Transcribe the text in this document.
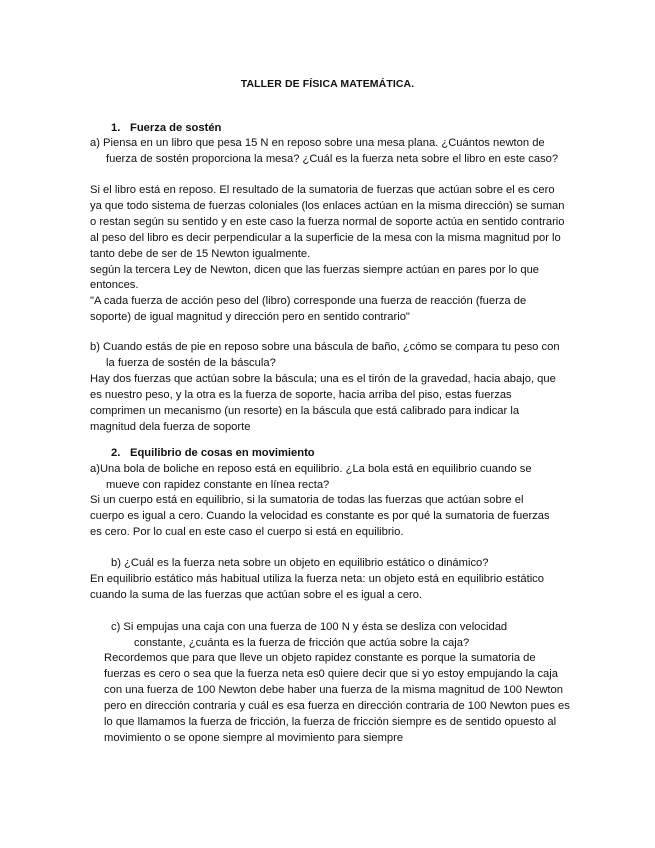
TALLER DE FÍSICA MATEMÁTICA.
1. Fuerza de sostén

a) Piensa en un libro que pesa 15 N en reposo sobre una mesa plana. ¿Cuántos newton de fuerza de sostén proporciona la mesa? ¿Cuál es la fuerza neta sobre el libro en este caso?

Si el libro está en reposo. El resultado de la sumatoria de fuerzas que actúan sobre el es cero ya que todo sistema de fuerzas coloniales (los enlaces actúan en la misma dirección) se suman o restan según su sentido y en este caso la fuerza normal de soporte actúa en sentido contrario al peso del libro es decir perpendicular a la superficie de la mesa con la misma magnitud por lo tanto debe de ser de 15 Newton igualmente.

según la tercera Ley de Newton, dicen que las fuerzas siempre actúan en pares por lo que entonces.

"A cada fuerza de acción peso del (libro) corresponde una fuerza de reacción (fuerza de soporte) de igual magnitud y dirección pero en sentido contrario"

b) Cuando estás de pie en reposo sobre una báscula de baño, ¿cómo se compara tu peso con la fuerza de sostén de la báscula?

Hay dos fuerzas que actúan sobre la báscula; una es el tirón de la gravedad, hacia abajo, que es nuestro peso, y la otra es la fuerza de soporte, hacia arriba del piso, estas fuerzas comprimen un mecanismo (un resorte) en la báscula que está calibrado para indicar la magnitud dela fuerza de soporte

2. Equilibrio de cosas en movimiento

a)Una bola de boliche en reposo está en equilibrio. ¿La bola está en equilibrio cuando se mueve con rapidez constante en línea recta?

Si un cuerpo está en equilibrio, si la sumatoria de todas las fuerzas que actúan sobre el cuerpo es igual a cero. Cuando la velocidad es constante es por qué la sumatoria de fuerzas es cero. Por lo cual en este caso el cuerpo si está en equilibrio.

b) ¿Cuál es la fuerza neta sobre un objeto en equilibrio estático o dinámico?

En equilibrio estático más habitual utiliza la fuerza neta: un objeto está en equilibrio estático cuando la suma de las fuerzas que actúan sobre el es igual a cero.

c) Si empujas una caja con una fuerza de 100 N y ésta se desliza con velocidad constante, ¿cuánta es la fuerza de fricción que actúa sobre la caja?

Recordemos que para que lleve un objeto rapidez constante es porque la sumatoria de fuerzas es cero o sea que la fuerza neta es0 quiere decir que si yo estoy empujando la caja con una fuerza de 100 Newton debe haber una fuerza de la misma magnitud de 100 Newton pero en dirección contraria y cuál es esa fuerza en dirección contraria de 100 Newton pues es lo que llamamos la fuerza de fricción, la fuerza de fricción siempre es de sentido opuesto al movimiento o se opone siempre al movimiento para siempre
